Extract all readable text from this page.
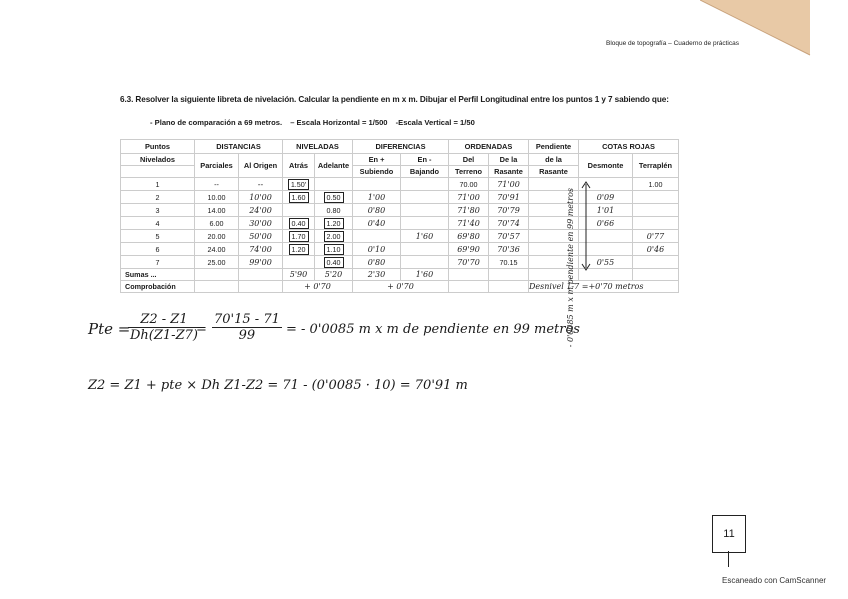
Bloque de topografía – Cuaderno de prácticas
6.3. Resolver la siguiente libreta de nivelación. Calcular la pendiente en m x m. Dibujar el Perfil Longitudinal entre los puntos 1 y 7 sabiendo que:
- Plano de comparación a 69 metros. – Escala Horizontal = 1/500 -Escala Vertical = 1/50
Puntos	DISTANCIAS		NIVELADAS		DIFERENCIAS		ORDENADAS		Pendiente	COTAS ROJAS	
Nivelados	Parciales	Al Origen	Atrás	Adelante	En +	En -	Del	De la	de la	Desmonte	Terraplén
					Subiendo	Bajando	Terreno	Rasante	Rasante		
1	--	--	1.50'				70.00	71'00			1.00
2	10.00	10'00	1.60	0.50	1'00		71'00	70'91		0'09	
3	14.00	24'00		0.80	0'80		71'80	70'79		1'01	
4	6.00	30'00	0.40	1.20	0'40		71'40	70'74		0'66	
5	20.00	50'00	1.70	2.00		1'60	69'80	70'57			0'77
6	24.00	74'00	1.20	1.10	0'10		69'90	70'36			0'46
7	25.00	99'00		0.40	0'80		70'70	70.15		0'55	
Sumas ...			5'90	5'20	2'30	1'60					
Comprobación			+ 0'70		+ 0'70				Desnivel 1-7 =+0'70 metros		
- 0'0085 m x m pendiente en 99 metros
Pte =
$\frac{Z2 - Z1}{Dh(Z1-Z7)}$
= $\frac{70'15 - 71}{99}$ = - 0'0085 m x m de pendiente en 99 metros
Z2 = Z1 + pte × Dh Z1-Z2 = 71 - (0'0085 · 10) = 70'91 m
11
Escaneado con CamScanner
